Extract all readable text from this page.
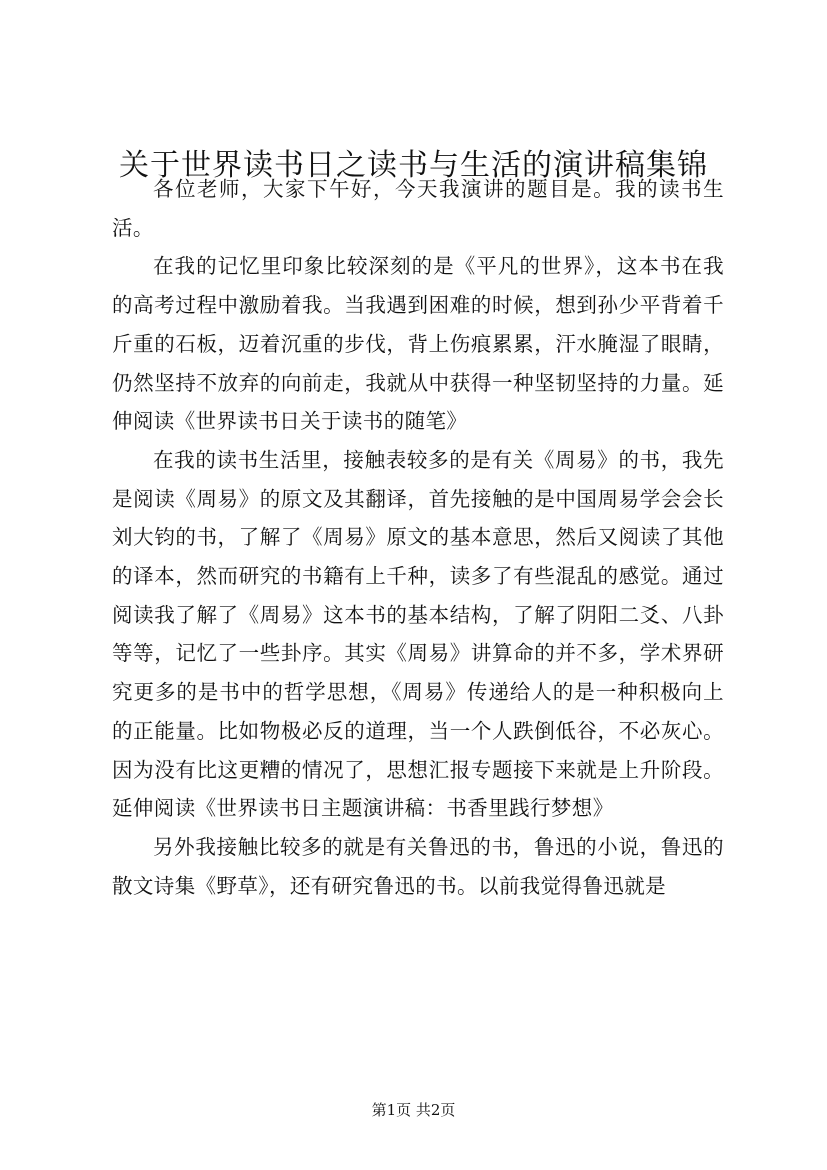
关于世界读书日之读书与生活的演讲稿集锦

各位老师，大家下午好，今天我演讲的题目是。我的读书生活。

在我的记忆里印象比较深刻的是《平凡的世界》，这本书在我的高考过程中激励着我。当我遇到困难的时候，想到孙少平背着千斤重的石板，迈着沉重的步伐，背上伤痕累累，汗水腌湿了眼睛，仍然坚持不放弃的向前走，我就从中获得一种坚韧坚持的力量。延伸阅读《世界读书日关于读书的随笔》

在我的读书生活里，接触表较多的是有关《周易》的书，我先是阅读《周易》的原文及其翻译，首先接触的是中国周易学会会长刘大钧的书，了解了《周易》原文的基本意思，然后又阅读了其他的译本，然而研究的书籍有上千种，读多了有些混乱的感觉。通过阅读我了解了《周易》这本书的基本结构，了解了阴阳二爻、八卦等等，记忆了一些卦序。其实《周易》讲算命的并不多，学术界研究更多的是书中的哲学思想，《周易》传递给人的是一种积极向上的正能量。比如物极必反的道理，当一个人跌倒低谷，不必灰心。因为没有比这更糟的情况了，思想汇报专题接下来就是上升阶段。延伸阅读《世界读书日主题演讲稿：书香里践行梦想》

另外我接触比较多的就是有关鲁迅的书，鲁迅的小说，鲁迅的散文诗集《野草》，还有研究鲁迅的书。以前我觉得鲁迅就是

第1页 共2页
